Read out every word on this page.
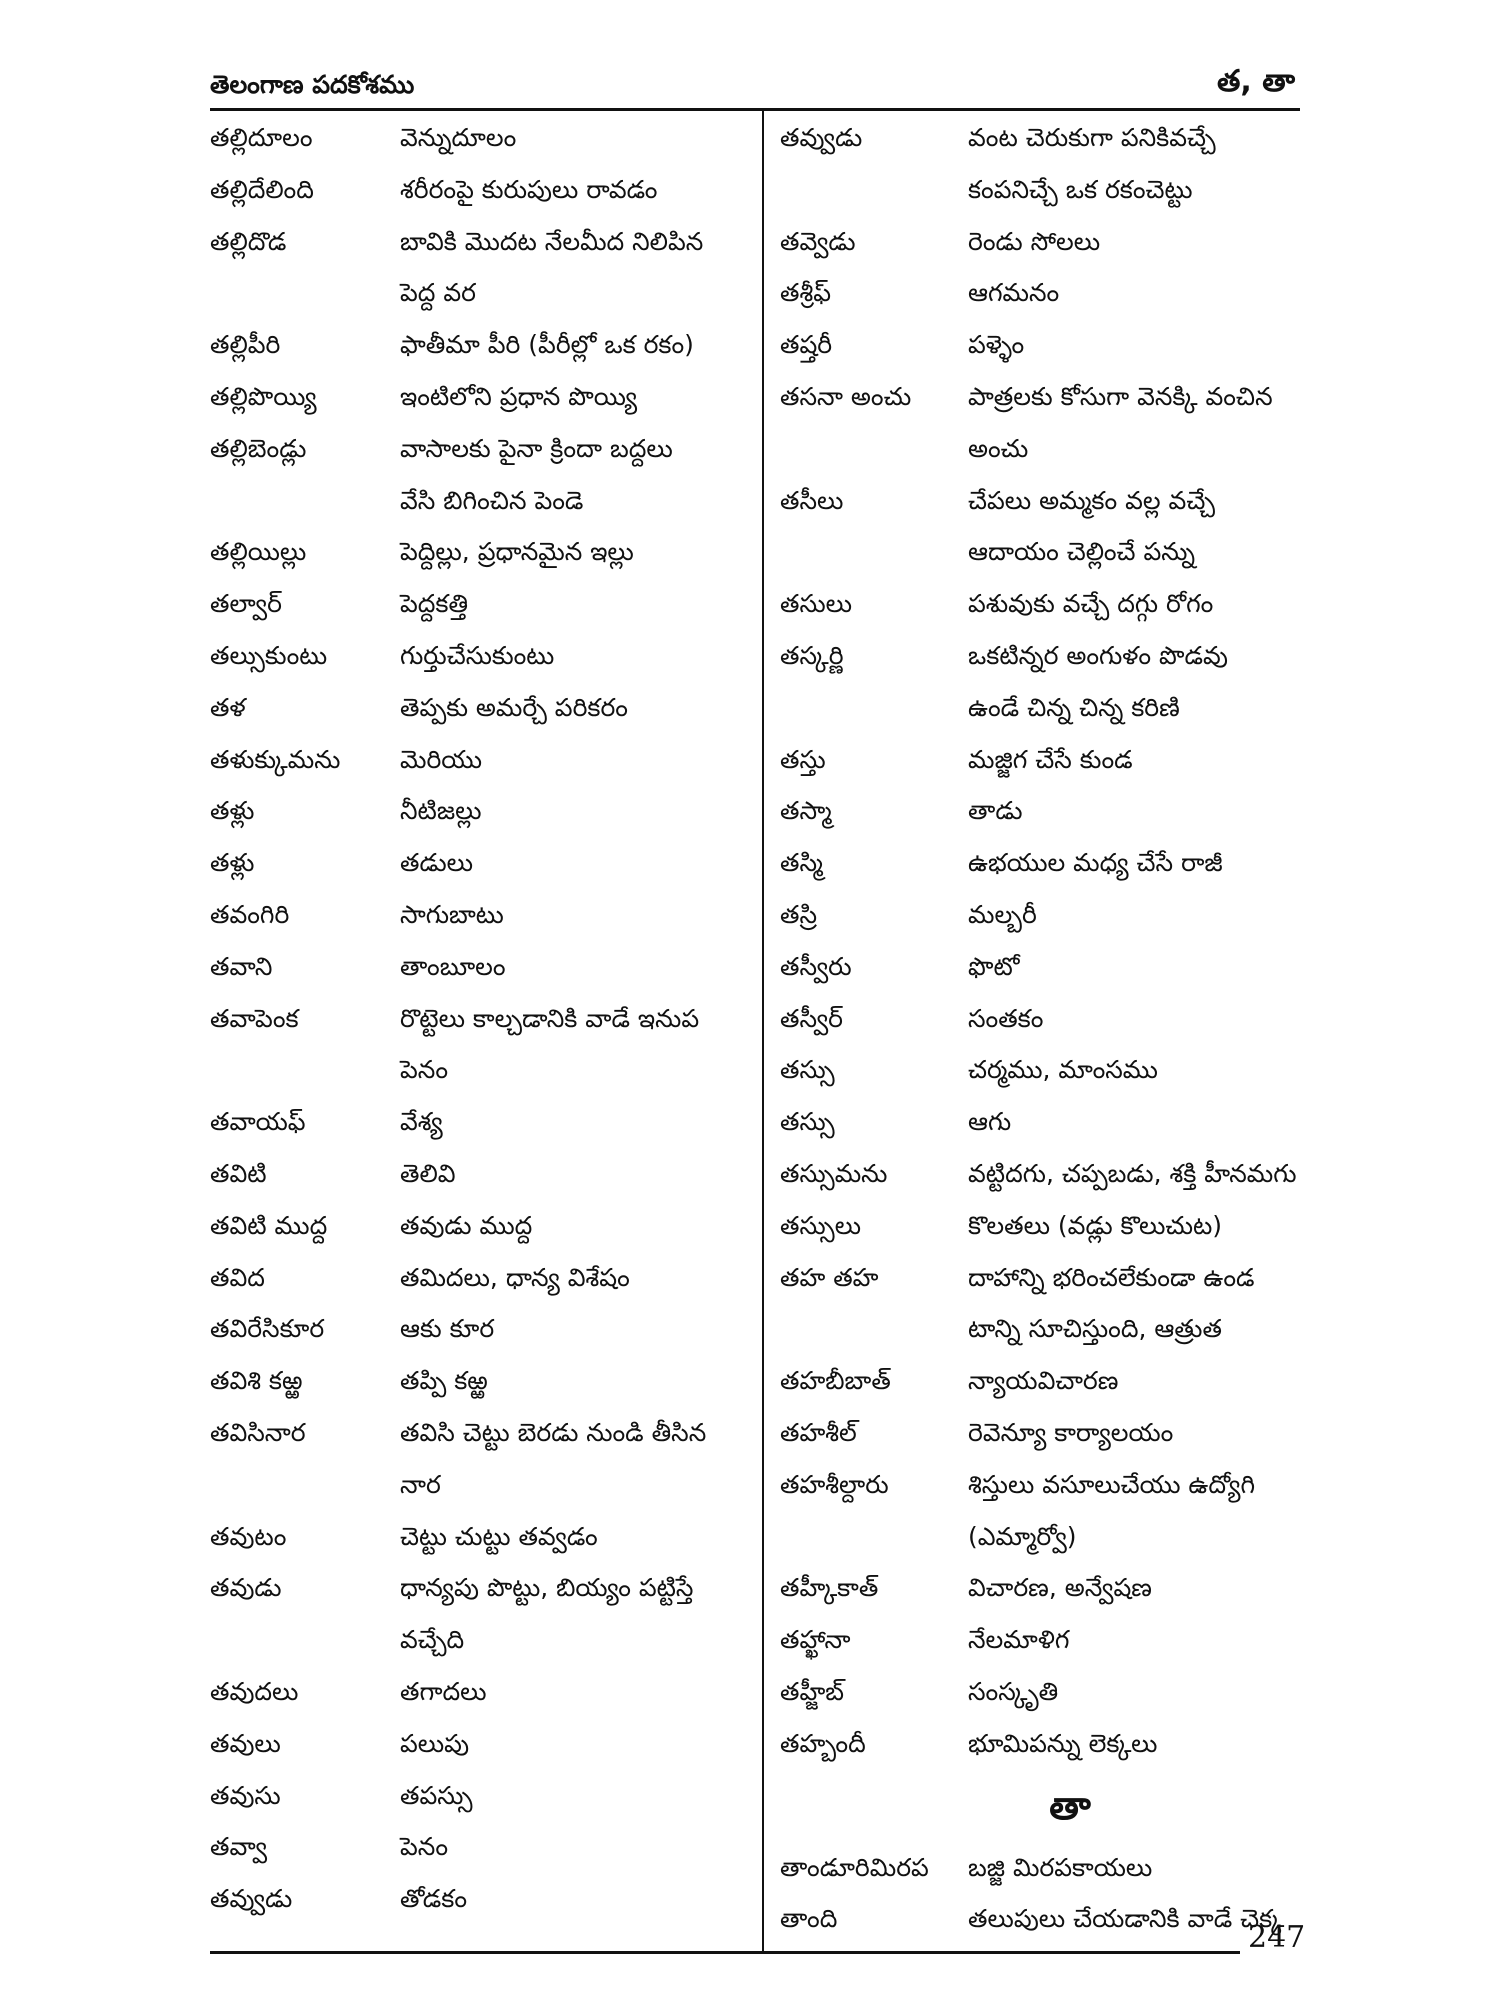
తెలంగాణ పదకోశము	త, తా
తల్లిదూలం	వెన్నుదూలం
తల్లిదేలింది	శరీరంపై కురుపులు రావడం
తల్లిదొడ	బావికి మొదట నేలమీద నిలిపిన
పెద్ద వర
తల్లిపీరి	ఫాతీమా పీరి (పీరీల్లో ఒక రకం)
తల్లిపొయ్యి	ఇంటిలోని ప్రధాన పొయ్యి
తల్లిబెండ్లు	వాసాలకు పైనా క్రిందా బద్దలు
వేసి బిగించిన పెండె
తల్లియిల్లు	పెద్దిల్లు, ప్రధానమైన ఇల్లు
తల్వార్	పెద్దకత్తి
తల్సుకుంటు	గుర్తుచేసుకుంటు
తళ	తెప్పకు అమర్చే పరికరం
తళుక్కుమను	మెరియు
తళ్లు	నీటిజల్లు
తళ్లు	తడులు
తవంగిరి	సాగుబాటు
తవాని	తాంబూలం
తవాపెంక	రొట్టెలు కాల్చడానికి వాడే ఇనుప
పెనం
తవాయఫ్	వేశ్య
తవిటి	తెలివి
తవిటి ముద్ద	తవుడు ముద్ద
తవిద	తమిదలు, ధాన్య విశేషం
తవిరేసికూర	ఆకు కూర
తవిశి కఱ్ఱ	తప్పి కఱ్ఱ
తవిసినార	తవిసి చెట్టు బెరడు నుండి తీసిన
నార
తవుటం	చెట్టు చుట్టు తవ్వడం
తవుడు	ధాన్యపు పొట్టు, బియ్యం పట్టిస్తే
వచ్చేది
తవుదలు	తగాదలు
తవులు	పలుపు
తవుసు	తపస్సు
తవ్వా	పెనం
తవ్వుడు	తోడకం
తవ్వుడు	వంట చెరుకుగా పనికివచ్చే
కంపనిచ్చే ఒక రకంచెట్టు
తవ్వెడు	రెండు సోలలు
తశ్రీఫ్	ఆగమనం
తష్తరీ	పళ్ళెం
తసనా అంచు	పాత్రలకు కోసుగా వెనక్కి వంచిన
అంచు
తసీలు	చేపలు అమ్మకం వల్ల వచ్చే
ఆదాయం చెల్లించే పన్ను
తసులు	పశువుకు వచ్చే దగ్గు రోగం
తస్కర్ణి	ఒకటిన్నర అంగుళం పొడవు
ఉండే చిన్న చిన్న కరిణి
తస్తు	మజ్జిగ చేసే కుండ
తస్మా	తాడు
తస్మి	ఉభయుల మధ్య చేసే రాజీ
తస్రి	మల్బరీ
తస్వీరు	ఫొటో
తస్వీర్	సంతకం
తస్సు	చర్మము, మాంసము
తస్సు	ఆగు
తస్సుమను	వట్టిదగు, చప్పబడు, శక్తి హీనమగు
తస్సులు	కొలతలు (వడ్లు కొలుచుట)
తహ తహ	దాహాన్ని భరించలేకుండా ఉండ
టాన్ని సూచిస్తుంది, ఆత్రుత
తహబీబాత్	న్యాయవిచారణ
తహశీల్	రెవెన్యూ కార్యాలయం
తహశీల్దారు	శిస్తులు వసూలుచేయు ఉద్యోగి
(ఎమ్మార్వో)
తహ్కీకాత్	విచారణ, అన్వేషణ
తహ్ఖానా	నేలమాళిగ
తహ్జీబ్	సంస్కృతి
తహ్బందీ	భూమిపన్ను లెక్కలు
తా
తాండూరిమిరప	బజ్జి మిరపకాయలు
తాంది	తలుపులు చేయడానికి వాడే చెక్క
247
